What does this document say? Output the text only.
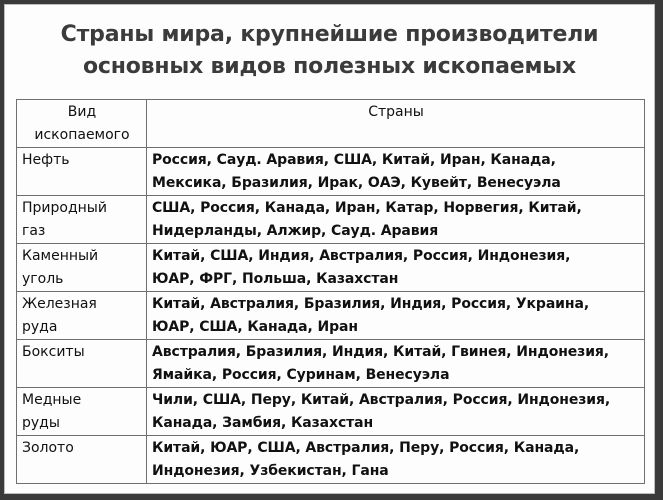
Страны мира, крупнейшие производители
основных видов полезных ископаемых
Вид
ископаемого	Страны
Нефть	Россия, Сауд. Аравия, США, Китай, Иран, Канада,
Мексика, Бразилия, Ирак, ОАЭ, Кувейт, Венесуэла
Природный
газ	США, Россия, Канада, Иран, Катар, Норвегия, Китай,
Нидерланды, Алжир, Сауд. Аравия
Каменный
уголь	Китай, США, Индия, Австралия, Россия, Индонезия,
ЮАР, ФРГ, Польша, Казахстан
Железная
руда	Китай, Австралия, Бразилия, Индия, Россия, Украина,
ЮАР, США, Канада, Иран
Бокситы	Австралия, Бразилия, Индия, Китай, Гвинея, Индонезия,
Ямайка, Россия, Суринам, Венесуэла
Медные
руды	Чили, США, Перу, Китай, Австралия, Россия, Индонезия,
Канада, Замбия, Казахстан
Золото	Китай, ЮАР, США, Австралия, Перу, Россия, Канада,
Индонезия, Узбекистан, Гана
